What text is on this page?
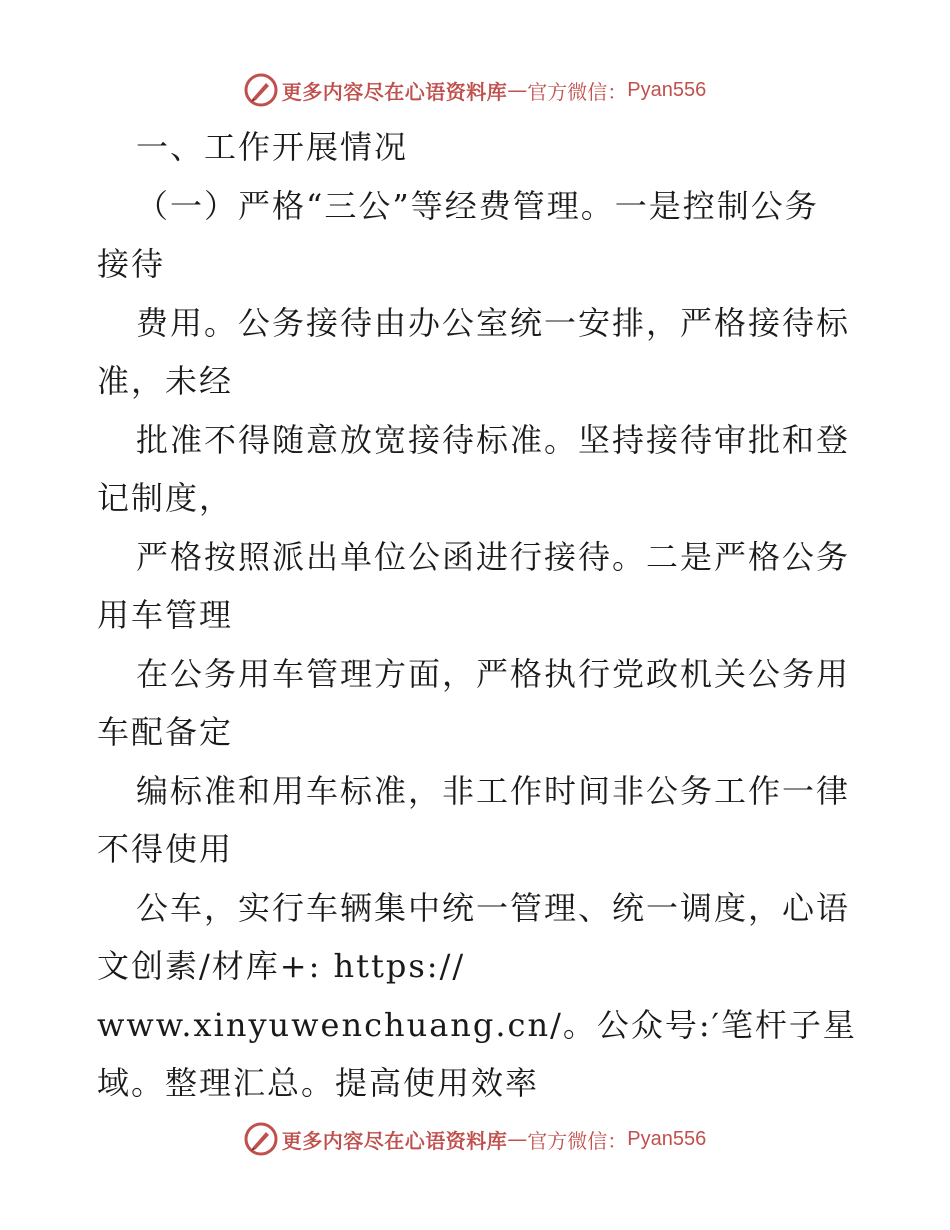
更多内容尽在心语资料库 — 官方微信： Pyan556
一、工作开展情况
（一）严格“三公”等经费管理。一是控制公务
接待
费用。公务接待由办公室统一安排，严格接待标
准，未经
批准不得随意放宽接待标准。坚持接待审批和登
记制度，
严格按照派出单位公函进行接待。二是严格公务
用车管理
在公务用车管理方面，严格执行党政机关公务用
车配备定
编标准和用车标准，非工作时间非公务工作一律
不得使用
公车，实行车辆集中统一管理、统一调度，心语
文创素/材库+: https://
www.xinyuwenchuang.cn/。公众号:′笔杆子星
域。整理汇总。提高使用效率
更多内容尽在心语资料库 — 官方微信： Pyan556
